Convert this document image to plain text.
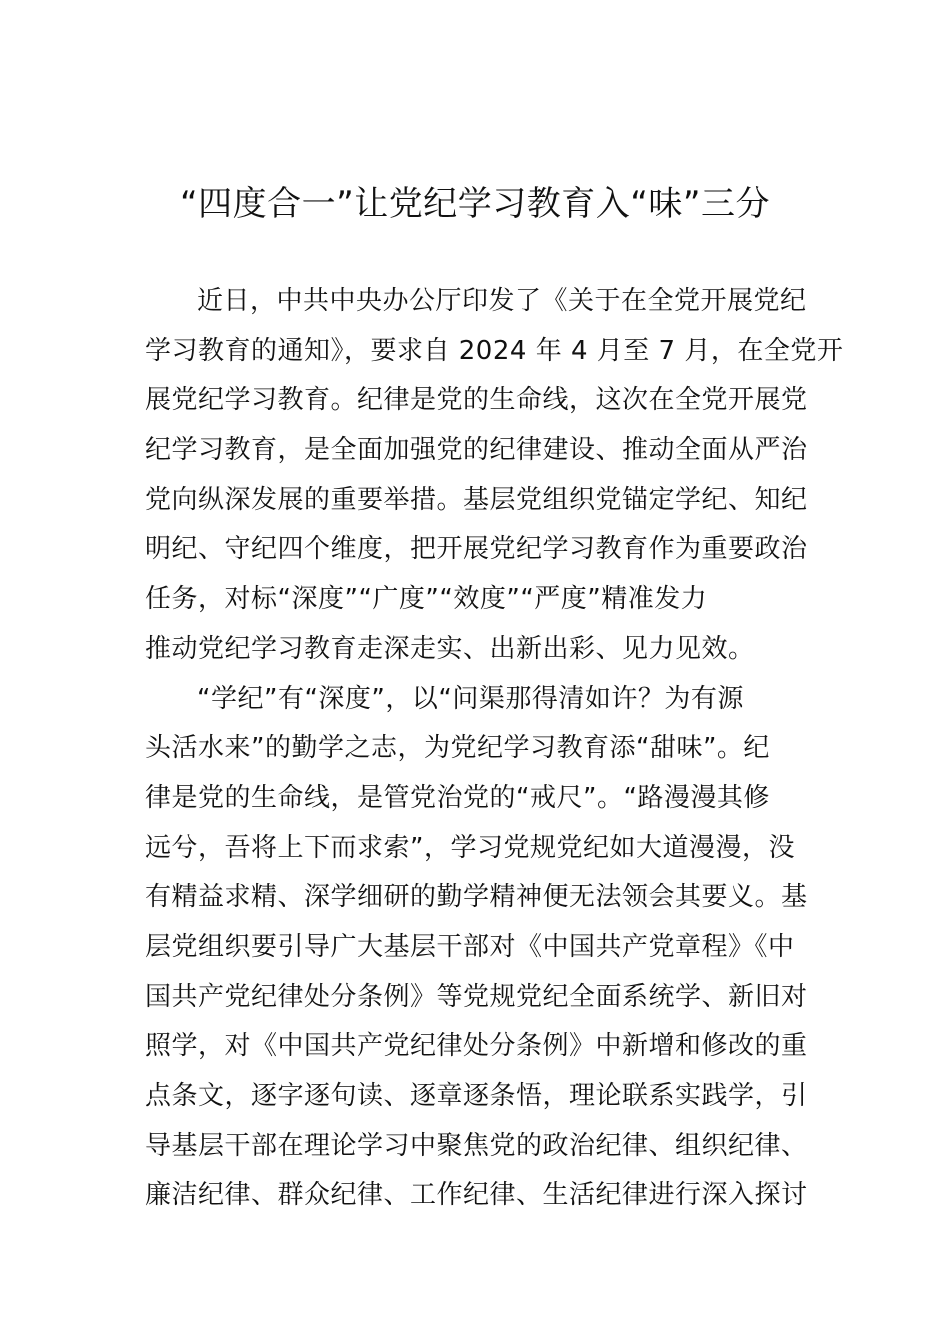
“四度合一”让党纪学习教育入“味”三分
近日，中共中央办公厅印发了《关于在全党开展党纪
学习教育的通知》，要求自 2024 年 4 月至 7 月，在全党开
展党纪学习教育。纪律是党的生命线，这次在全党开展党
纪学习教育，是全面加强党的纪律建设、推动全面从严治
党向纵深发展的重要举措。基层党组织党锚定学纪、知纪
明纪、守纪四个维度，把开展党纪学习教育作为重要政治
任务，对标“深度”“广度”“效度”“严度”精准发力
推动党纪学习教育走深走实、出新出彩、见力见效。
“学纪”有“深度”，以“问渠那得清如许？为有源
头活水来”的勤学之志，为党纪学习教育添“甜味”。纪
律是党的生命线，是管党治党的“戒尺”。“路漫漫其修
远兮，吾将上下而求索”，学习党规党纪如大道漫漫，没
有精益求精、深学细研的勤学精神便无法领会其要义。基
层党组织要引导广大基层干部对《中国共产党章程》《中
国共产党纪律处分条例》等党规党纪全面系统学、新旧对
照学，对《中国共产党纪律处分条例》中新增和修改的重
点条文，逐字逐句读、逐章逐条悟，理论联系实践学，引
导基层干部在理论学习中聚焦党的政治纪律、组织纪律、
廉洁纪律、群众纪律、工作纪律、生活纪律进行深入探讨
